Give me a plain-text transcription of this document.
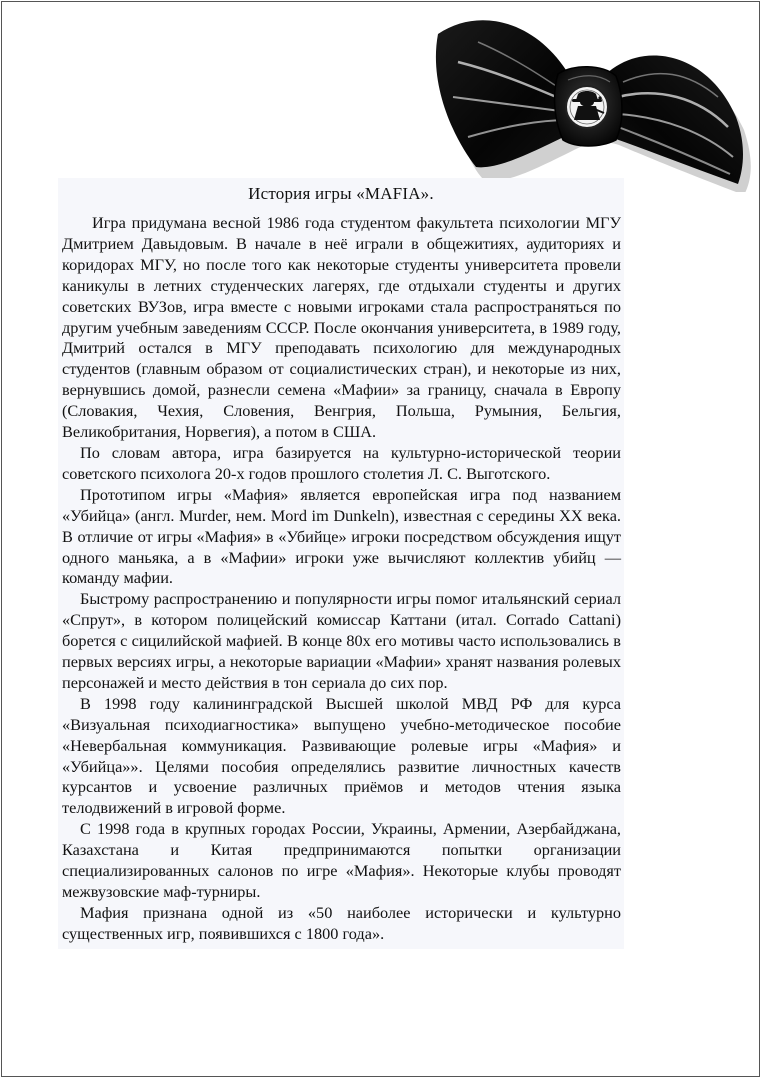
История игры «MAFIA».

Игра придумана весной 1986 года студентом факультета психологии МГУ Дмитрием Давыдовым. В начале в неё играли в общежитиях, аудиториях и коридорах МГУ, но после того как некоторые студенты университета провели каникулы в летних студенческих лагерях, где отдыхали студенты и других советских ВУЗов, игра вместе с новыми игроками стала распространяться по другим учебным заведениям СССР. После окончания университета, в 1989 году, Дмитрий остался в МГУ преподавать психологию для международных студентов (главным образом от социалистических стран), и некоторые из них, вернувшись домой, разнесли семена «Мафии» за границу, сначала в Европу (Словакия, Чехия, Словения, Венгрия, Польша, Румыния, Бельгия, Великобритания, Норвегия), а потом в США.

По словам автора, игра базируется на культурно-исторической теории советского психолога 20-х годов прошлого столетия Л. С. Выготского.

Прототипом игры «Мафия» является европейская игра под названием «Убийца» (англ. Murder, нем. Mord im Dunkeln), известная с середины XX века. В отличие от игры «Мафия» в «Убийце» игроки посредством обсуждения ищут одного маньяка, а в «Мафии» игроки уже вычисляют коллектив убийц — команду мафии.

Быстрому распространению и популярности игры помог итальянский сериал «Спрут», в котором полицейский комиссар Каттани (итал. Corrado Cattani) борется с сицилийской мафией. В конце 80х его мотивы часто использовались в первых версиях игры, а некоторые вариации «Мафии» хранят названия ролевых персонажей и место действия в тон сериала до сих пор.

В 1998 году калининградской Высшей школой МВД РФ для курса «Визуальная психодиагностика» выпущено учебно-методическое пособие «Невербальная коммуникация. Развивающие ролевые игры «Мафия» и «Убийца»». Целями пособия определялись развитие личностных качеств курсантов и усвоение различных приёмов и методов чтения языка телодвижений в игровой форме.

С 1998 года в крупных городах России, Украины, Армении, Азербайджана, Казахстана и Китая предпринимаются попытки организации специализированных салонов по игре «Мафия». Некоторые клубы проводят межвузовские маф-турниры.

Мафия признана одной из «50 наиболее исторически и культурно существенных игр, появившихся с 1800 года».
